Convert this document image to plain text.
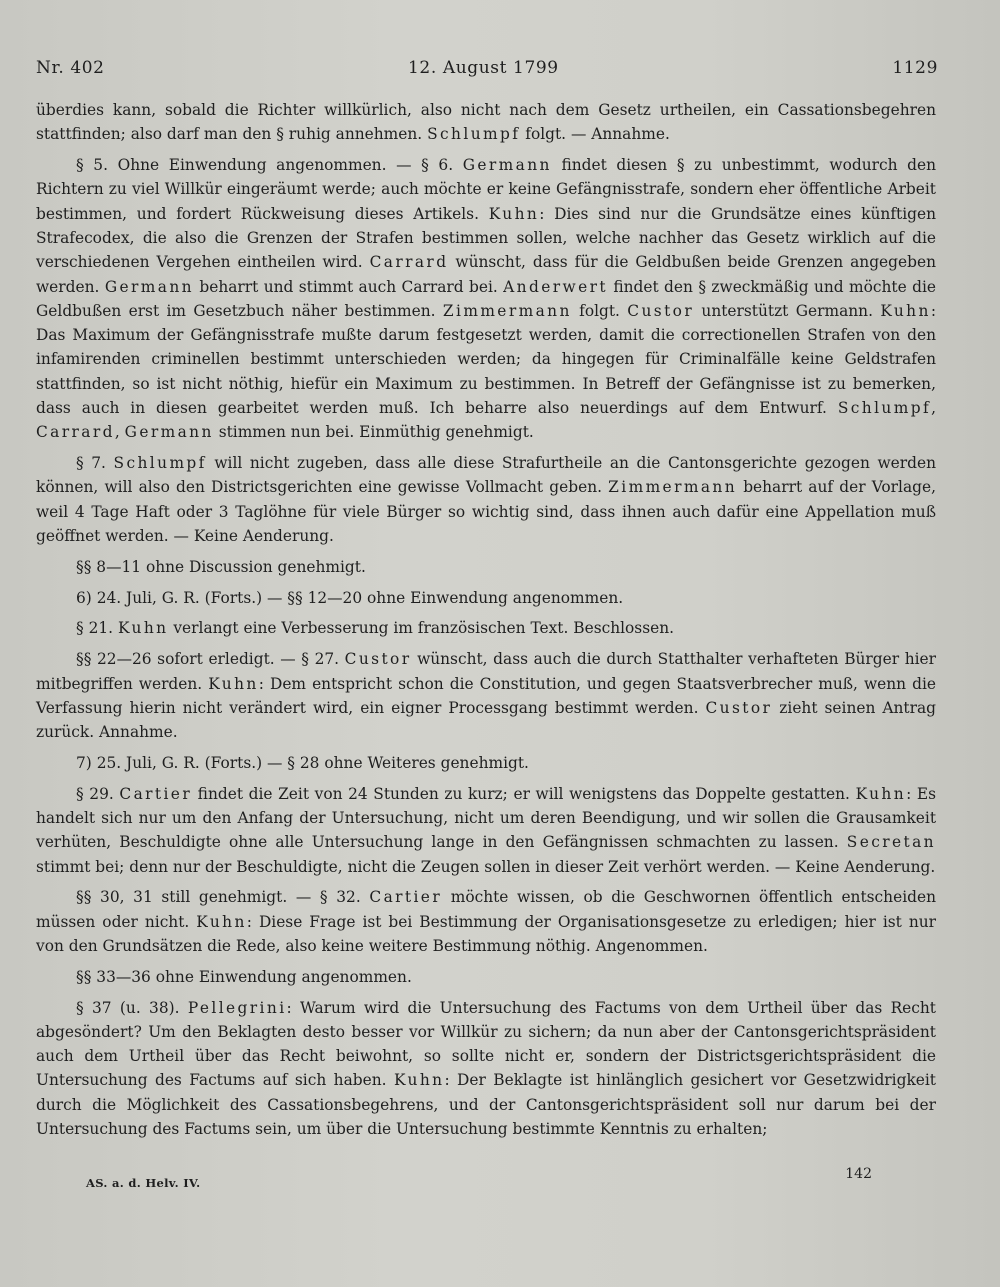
Nr. 402	12. August 1799	1129

überdies kann, sobald die Richter willkürlich, also nicht nach dem Gesetz urtheilen, ein Cassationsbegehren stattfinden; also darf man den § ruhig annehmen. Schlumpf folgt. — Annahme.

§ 5. Ohne Einwendung angenommen. — § 6. Germann findet diesen § zu unbestimmt, wodurch den Richtern zu viel Willkür eingeräumt werde; auch möchte er keine Gefängnisstrafe, sondern eher öffentliche Arbeit bestimmen, und fordert Rückweisung dieses Artikels. Kuhn: Dies sind nur die Grundsätze eines künftigen Strafecodex, die also die Grenzen der Strafen bestimmen sollen, welche nachher das Gesetz wirklich auf die verschiedenen Vergehen eintheilen wird. Carrard wünscht, dass für die Geldbußen beide Grenzen angegeben werden. Germann beharrt und stimmt auch Carrard bei. Anderwert findet den § zweckmäßig und möchte die Geldbußen erst im Gesetzbuch näher bestimmen. Zimmermann folgt. Custor unterstützt Germann. Kuhn: Das Maximum der Gefängnisstrafe mußte darum festgesetzt werden, damit die correctionellen Strafen von den infamirenden criminellen bestimmt unterschieden werden; da hingegen für Criminalfälle keine Geldstrafen stattfinden, so ist nicht nöthig, hiefür ein Maximum zu bestimmen. In Betreff der Gefängnisse ist zu bemerken, dass auch in diesen gearbeitet werden muß. Ich beharre also neuerdings auf dem Entwurf. Schlumpf, Carrard, Germann stimmen nun bei. Einmüthig genehmigt.

§ 7. Schlumpf will nicht zugeben, dass alle diese Strafurtheile an die Cantonsgerichte gezogen werden können, will also den Districtsgerichten eine gewisse Vollmacht geben. Zimmermann beharrt auf der Vorlage, weil 4 Tage Haft oder 3 Taglöhne für viele Bürger so wichtig sind, dass ihnen auch dafür eine Appellation muß geöffnet werden. — Keine Aenderung.

§§ 8—11 ohne Discussion genehmigt.

6) 24. Juli, G. R. (Forts.) — §§ 12—20 ohne Einwendung angenommen.

§ 21. Kuhn verlangt eine Verbesserung im französischen Text. Beschlossen.

§§ 22—26 sofort erledigt. — § 27. Custor wünscht, dass auch die durch Statthalter verhafteten Bürger hier mitbegriffen werden. Kuhn: Dem entspricht schon die Constitution, und gegen Staatsverbrecher muß, wenn die Verfassung hierin nicht verändert wird, ein eigner Processgang bestimmt werden. Custor zieht seinen Antrag zurück. Annahme.

7) 25. Juli, G. R. (Forts.) — § 28 ohne Weiteres genehmigt.

§ 29. Cartier findet die Zeit von 24 Stunden zu kurz; er will wenigstens das Doppelte gestatten. Kuhn: Es handelt sich nur um den Anfang der Untersuchung, nicht um deren Beendigung, und wir sollen die Grausamkeit verhüten, Beschuldigte ohne alle Untersuchung lange in den Gefängnissen schmachten zu lassen. Secretan stimmt bei; denn nur der Beschuldigte, nicht die Zeugen sollen in dieser Zeit verhört werden. — Keine Aenderung.

§§ 30, 31 still genehmigt. — § 32. Cartier möchte wissen, ob die Geschwornen öffentlich entscheiden müssen oder nicht. Kuhn: Diese Frage ist bei Bestimmung der Organisationsgesetze zu erledigen; hier ist nur von den Grundsätzen die Rede, also keine weitere Bestimmung nöthig. Angenommen.

§§ 33—36 ohne Einwendung angenommen.

§ 37 (u. 38). Pellegrini: Warum wird die Untersuchung des Factums von dem Urtheil über das Recht abgesöndert? Um den Beklagten desto besser vor Willkür zu sichern; da nun aber der Cantonsgerichtspräsident auch dem Urtheil über das Recht beiwohnt, so sollte nicht er, sondern der Districtsgerichtspräsident die Untersuchung des Factums auf sich haben. Kuhn: Der Beklagte ist hinlänglich gesichert vor Gesetzwidrigkeit durch die Möglichkeit des Cassationsbegehrens, und der Cantonsgerichtspräsident soll nur darum bei der Untersuchung des Factums sein, um über die Untersuchung bestimmte Kenntnis zu erhalten;

142
AS. a. d. Helv. IV.
